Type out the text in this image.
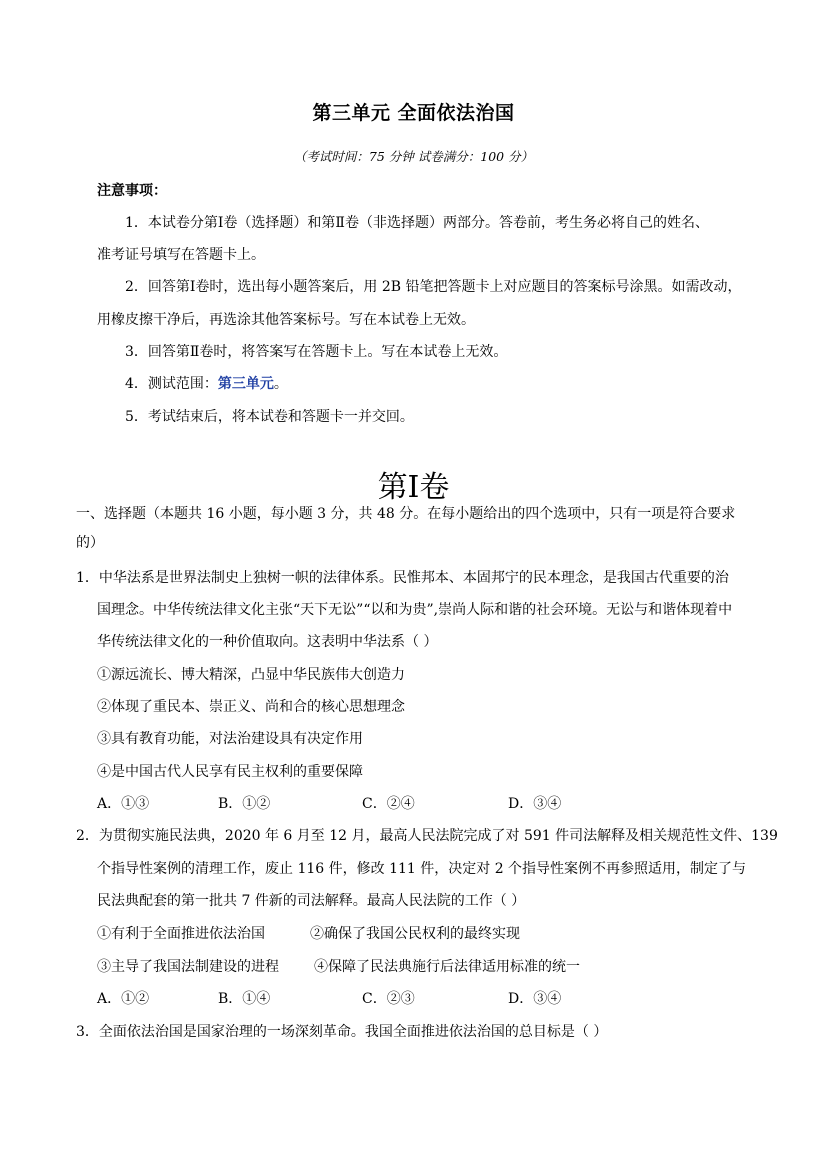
第三单元 全面依法治国
（考试时间：75 分钟 试卷满分：100 分）
注意事项：
1．本试卷分第Ⅰ卷（选择题）和第Ⅱ卷（非选择题）两部分。答卷前，考生务必将自己的姓名、
准考证号填写在答题卡上。
2．回答第Ⅰ卷时，选出每小题答案后，用 2B 铅笔把答题卡上对应题目的答案标号涂黑。如需改动，
用橡皮擦干净后，再选涂其他答案标号。写在本试卷上无效。
3．回答第Ⅱ卷时，将答案写在答题卡上。写在本试卷上无效。
4．测试范围：第三单元。
5．考试结束后，将本试卷和答题卡一并交回。
第I卷
一、选择题（本题共 16 小题，每小题 3 分，共 48 分。在每小题给出的四个选项中，只有一项是符合要求
的）
1．中华法系是世界法制史上独树一帜的法律体系。民惟邦本、本固邦宁的民本理念，是我国古代重要的治
国理念。中华传统法律文化主张“天下无讼”“以和为贵”,崇尚人际和谐的社会环境。无讼与和谐体现着中
华传统法律文化的一种价值取向。这表明中华法系（ ）
①源远流长、博大精深，凸显中华民族伟大创造力
②体现了重民本、崇正义、尚和合的核心思想理念
③具有教育功能，对法治建设具有决定作用
④是中国古代人民享有民主权利的重要保障
A．①③	B．①②	C．②④	D．③④
2．为贯彻实施民法典，2020 年 6 月至 12 月，最高人民法院完成了对 591 件司法解释及相关规范性文件、139
个指导性案例的清理工作，废止 116 件，修改 111 件，决定对 2 个指导性案例不再参照适用，制定了与
民法典配套的第一批共 7 件新的司法解释。最高人民法院的工作（ ）
①有利于全面推进依法治国	②确保了我国公民权利的最终实现
③主导了我国法制建设的进程	④保障了民法典施行后法律适用标准的统一
A．①②	B．①④	C．②③	D．③④
3．全面依法治国是国家治理的一场深刻革命。我国全面推进依法治国的总目标是（ ）
